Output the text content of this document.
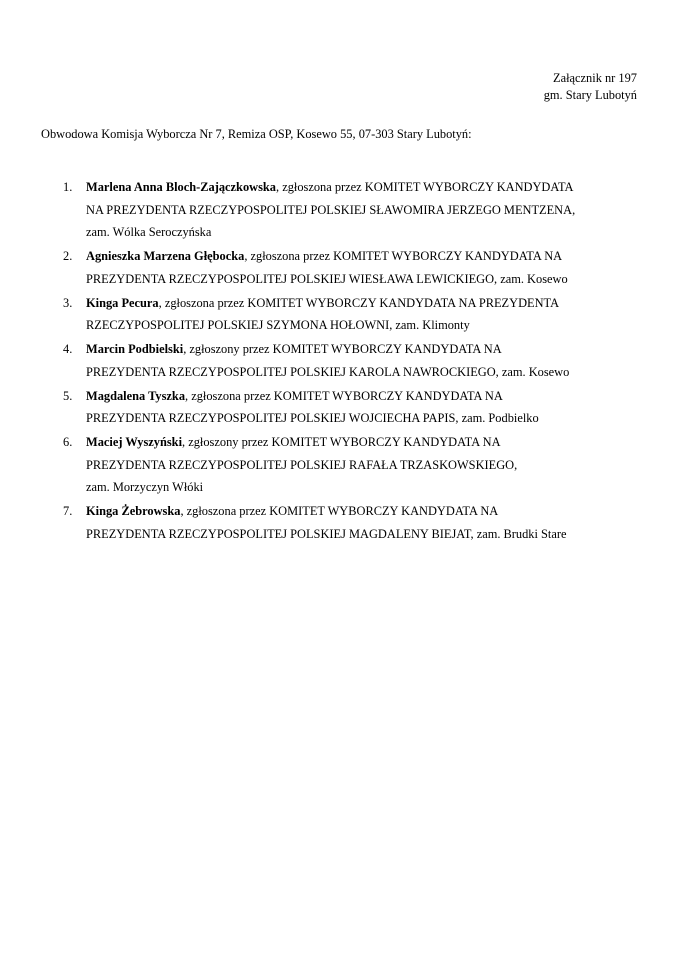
Załącznik nr 197
gm. Stary Lubotyń
Obwodowa Komisja Wyborcza Nr 7, Remiza OSP, Kosewo 55, 07-303 Stary Lubotyń:
1. Marlena Anna Bloch-Zajączkowska, zgłoszona przez KOMITET WYBORCZY KANDYDATA
NA PREZYDENTA RZECZYPOSPOLITEJ POLSKIEJ SŁAWOMIRA JERZEGO MENTZENA,
zam. Wólka Seroczyńska
2. Agnieszka Marzena Głębocka, zgłoszona przez KOMITET WYBORCZY KANDYDATA NA
PREZYDENTA RZECZYPOSPOLITEJ POLSKIEJ WIESŁAWA LEWICKIEGO, zam. Kosewo
3. Kinga Pecura, zgłoszona przez KOMITET WYBORCZY KANDYDATA NA PREZYDENTA
RZECZYPOSPOLITEJ POLSKIEJ SZYMONA HOŁOWNI, zam. Klimonty
4. Marcin Podbielski, zgłoszony przez KOMITET WYBORCZY KANDYDATA NA
PREZYDENTA RZECZYPOSPOLITEJ POLSKIEJ KAROLA NAWROCKIEGO, zam. Kosewo
5. Magdalena Tyszka, zgłoszona przez KOMITET WYBORCZY KANDYDATA NA
PREZYDENTA RZECZYPOSPOLITEJ POLSKIEJ WOJCIECHA PAPIS, zam. Podbielko
6. Maciej Wyszyński, zgłoszony przez KOMITET WYBORCZY KANDYDATA NA
PREZYDENTA RZECZYPOSPOLITEJ POLSKIEJ RAFAŁA TRZASKOWSKIEGO,
zam. Morzyczyn Włóki
7. Kinga Żebrowska, zgłoszona przez KOMITET WYBORCZY KANDYDATA NA
PREZYDENTA RZECZYPOSPOLITEJ POLSKIEJ MAGDALENY BIEJAT, zam. Brudki Stare
